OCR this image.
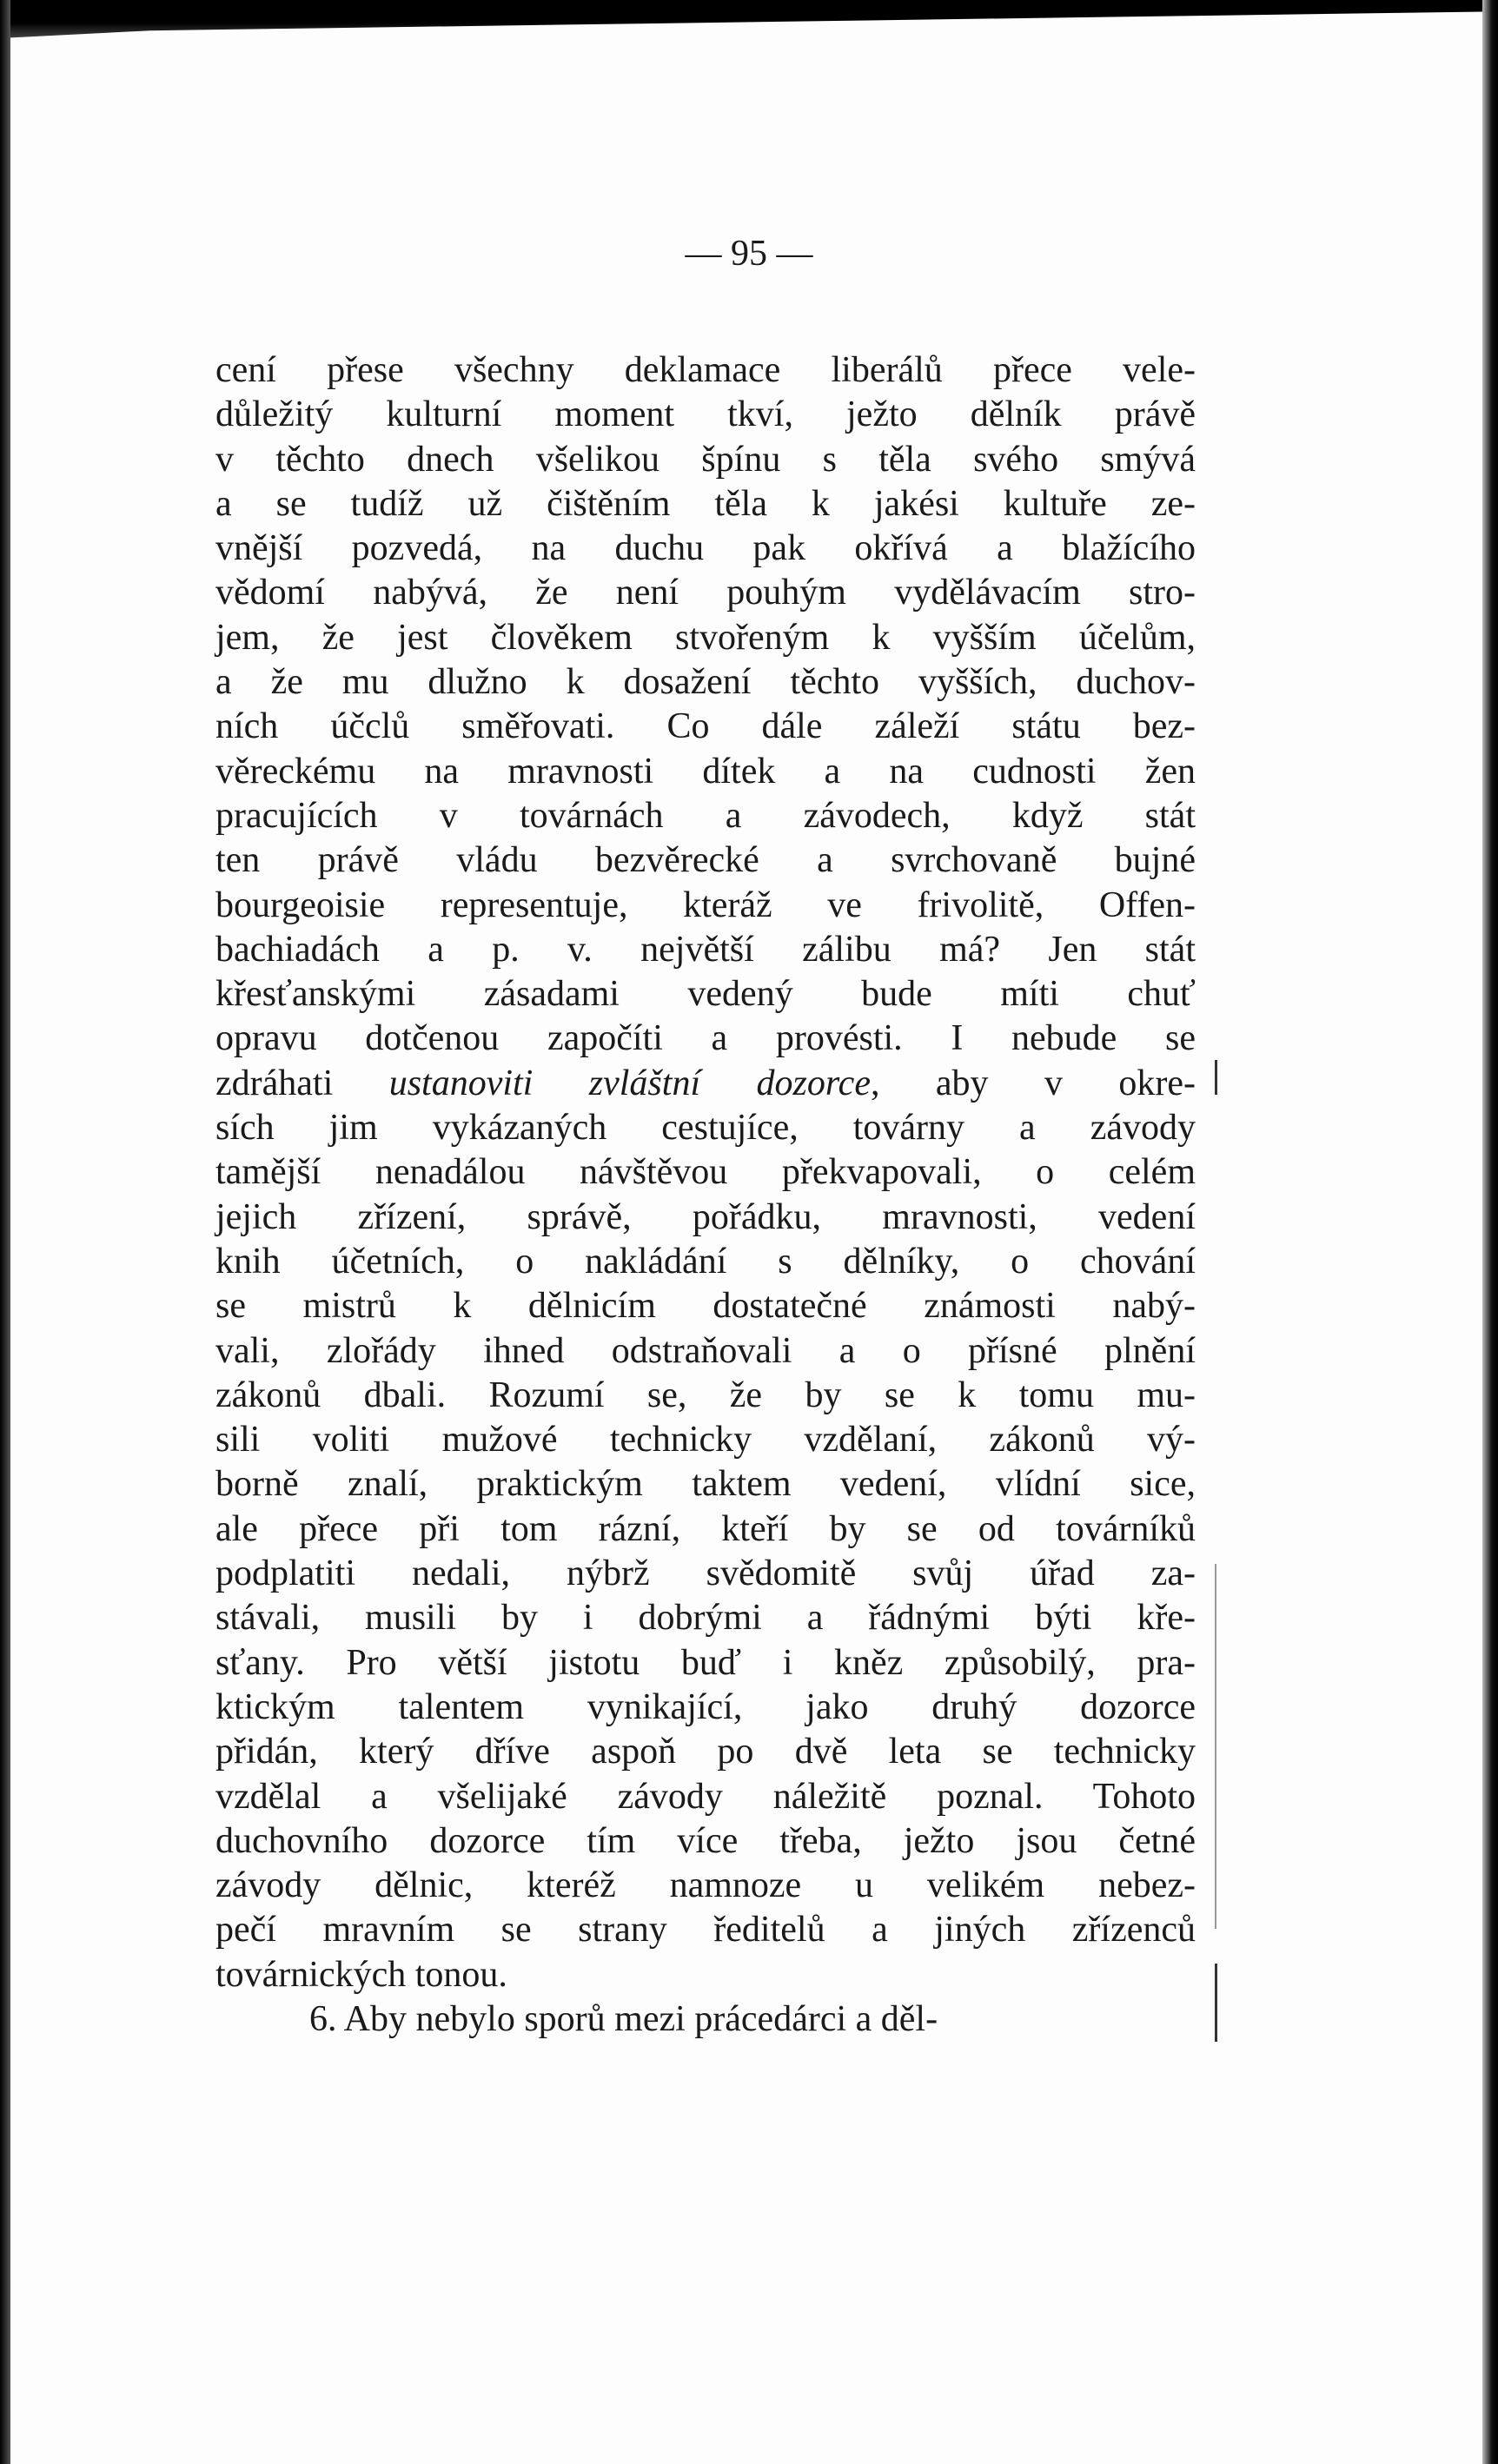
— 95 —
cení přese všechny deklamace liberálů přece vele-
důležitý kulturní moment tkví, ježto dělník právě
v těchto dnech všelikou špínu s těla svého smývá
a se tudíž už čištěním těla k jakési kultuře ze-
vnější pozvedá, na duchu pak okřívá a blažícího
vědomí nabývá, že není pouhým vydělávacím stro-
jem, že jest člověkem stvořeným k vyšším účelům,
a že mu dlužno k dosažení těchto vyšších, duchov-
ních účclů směřovati. Co dále záleží státu bez-
věreckému na mravnosti dítek a na cudnosti žen
pracujících v továrnách a závodech, když stát
ten právě vládu bezvěrecké a svrchovaně bujné
bourgeoisie representuje, kteráž ve frivolitě, Offen-
bachiadách a p. v. největší zálibu má? Jen stát
křesťanskými zásadami vedený bude míti chuť
opravu dotčenou započíti a provésti. I nebude se
zdráhati ustanoviti zvláštní dozorce, aby v okre-
sích jim vykázaných cestujíce, továrny a závody
tamější nenadálou návštěvou překvapovali, o celém
jejich zřízení, správě, pořádku, mravnosti, vedení
knih účetních, o nakládání s dělníky, o chování
se mistrů k dělnicím dostatečné známosti nabý-
vali, zlořády ihned odstraňovali a o přísné plnění
zákonů dbali. Rozumí se, že by se k tomu mu-
sili voliti mužové technicky vzdělaní, zákonů vý-
borně znalí, praktickým taktem vedení, vlídní sice,
ale přece při tom rázní, kteří by se od továrníků
podplatiti nedali, nýbrž svědomitě svůj úřad za-
stávali, musili by i dobrými a řádnými býti kře-
sťany. Pro větší jistotu buď i kněz způsobilý, pra-
ktickým talentem vynikající, jako druhý dozorce
přidán, který dříve aspoň po dvě leta se technicky
vzdělal a všelijaké závody náležitě poznal. Tohoto
duchovního dozorce tím více třeba, ježto jsou četné
závody dělnic, kteréž namnoze u velikém nebez-
pečí mravním se strany ředitelů a jiných zřízenců
továrnických tonou.
6. Aby nebylo sporů mezi prácedárci a děl-
